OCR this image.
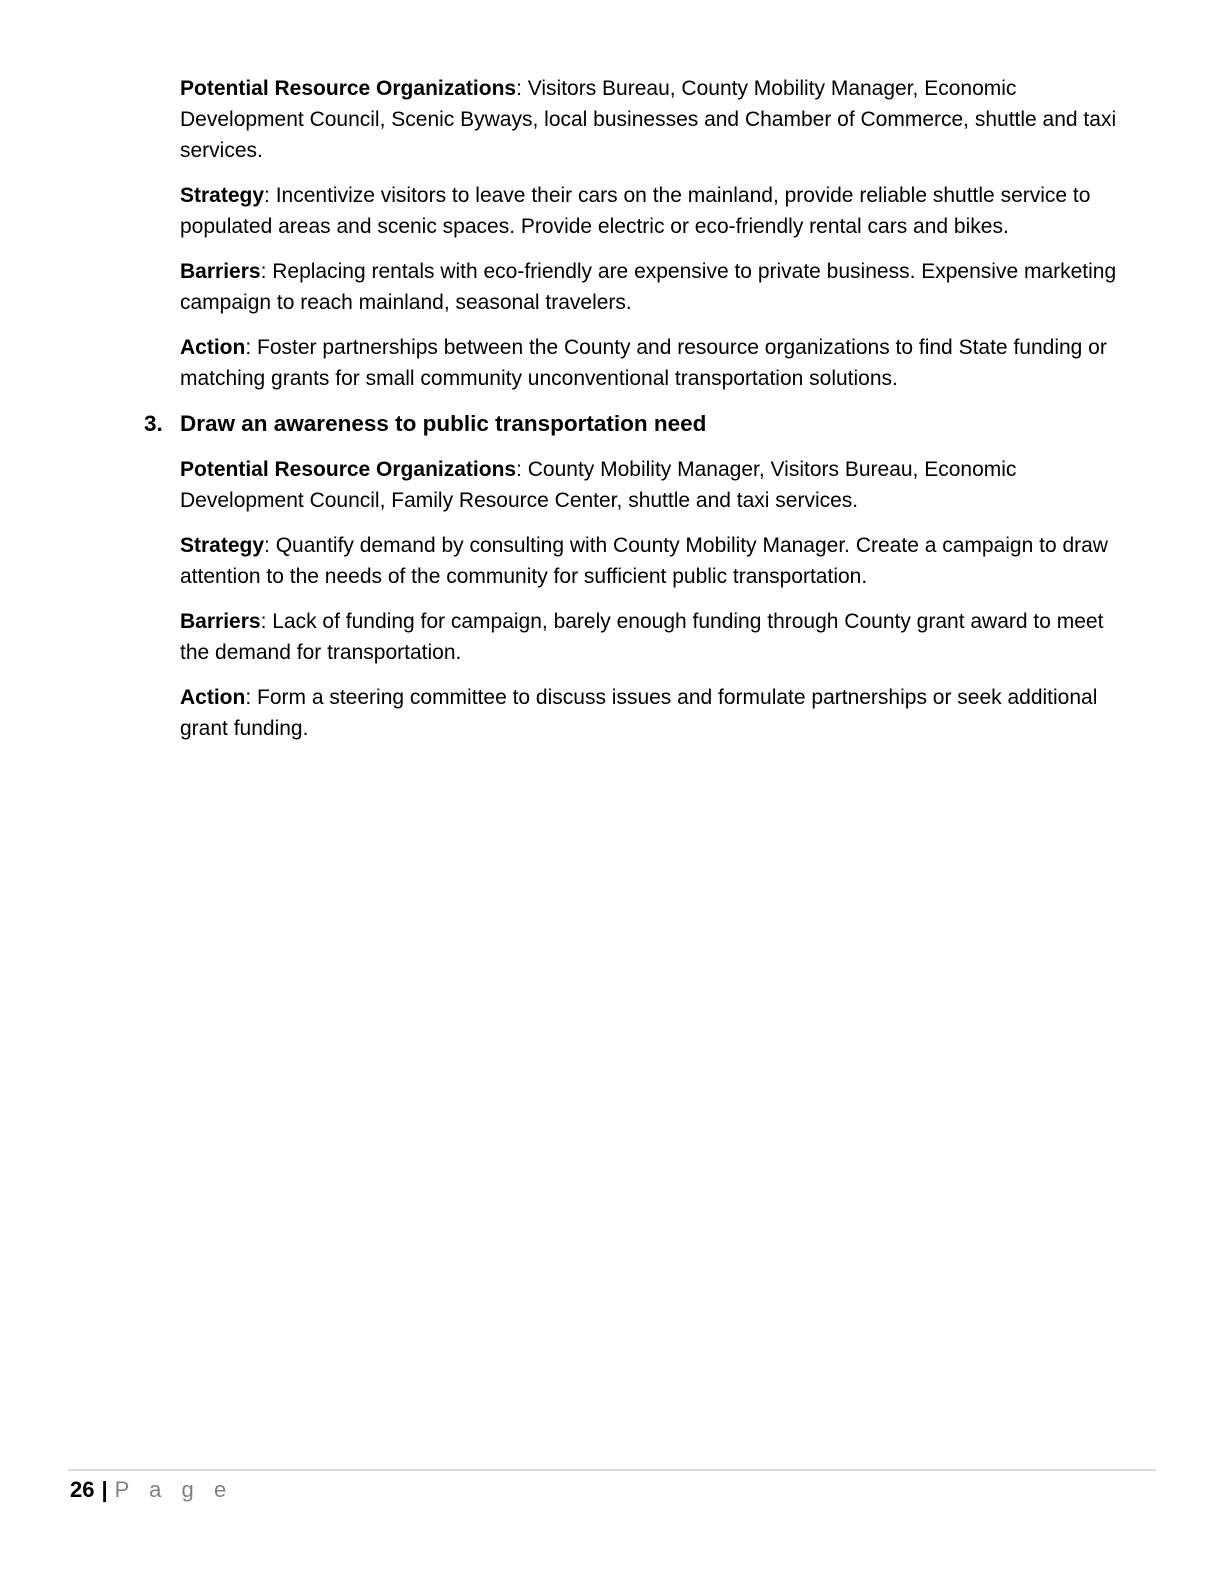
Potential Resource Organizations: Visitors Bureau, County Mobility Manager, Economic Development Council, Scenic Byways, local businesses and Chamber of Commerce, shuttle and taxi services.

Strategy: Incentivize visitors to leave their cars on the mainland, provide reliable shuttle service to populated areas and scenic spaces. Provide electric or eco-friendly rental cars and bikes.

Barriers: Replacing rentals with eco-friendly are expensive to private business. Expensive marketing campaign to reach mainland, seasonal travelers.

Action: Foster partnerships between the County and resource organizations to find State funding or matching grants for small community unconventional transportation solutions.

3. Draw an awareness to public transportation need

Potential Resource Organizations: County Mobility Manager, Visitors Bureau, Economic Development Council, Family Resource Center, shuttle and taxi services.

Strategy: Quantify demand by consulting with County Mobility Manager. Create a campaign to draw attention to the needs of the community for sufficient public transportation.

Barriers: Lack of funding for campaign, barely enough funding through County grant award to meet the demand for transportation.

Action: Form a steering committee to discuss issues and formulate partnerships or seek additional grant funding.

26 | P a g e
